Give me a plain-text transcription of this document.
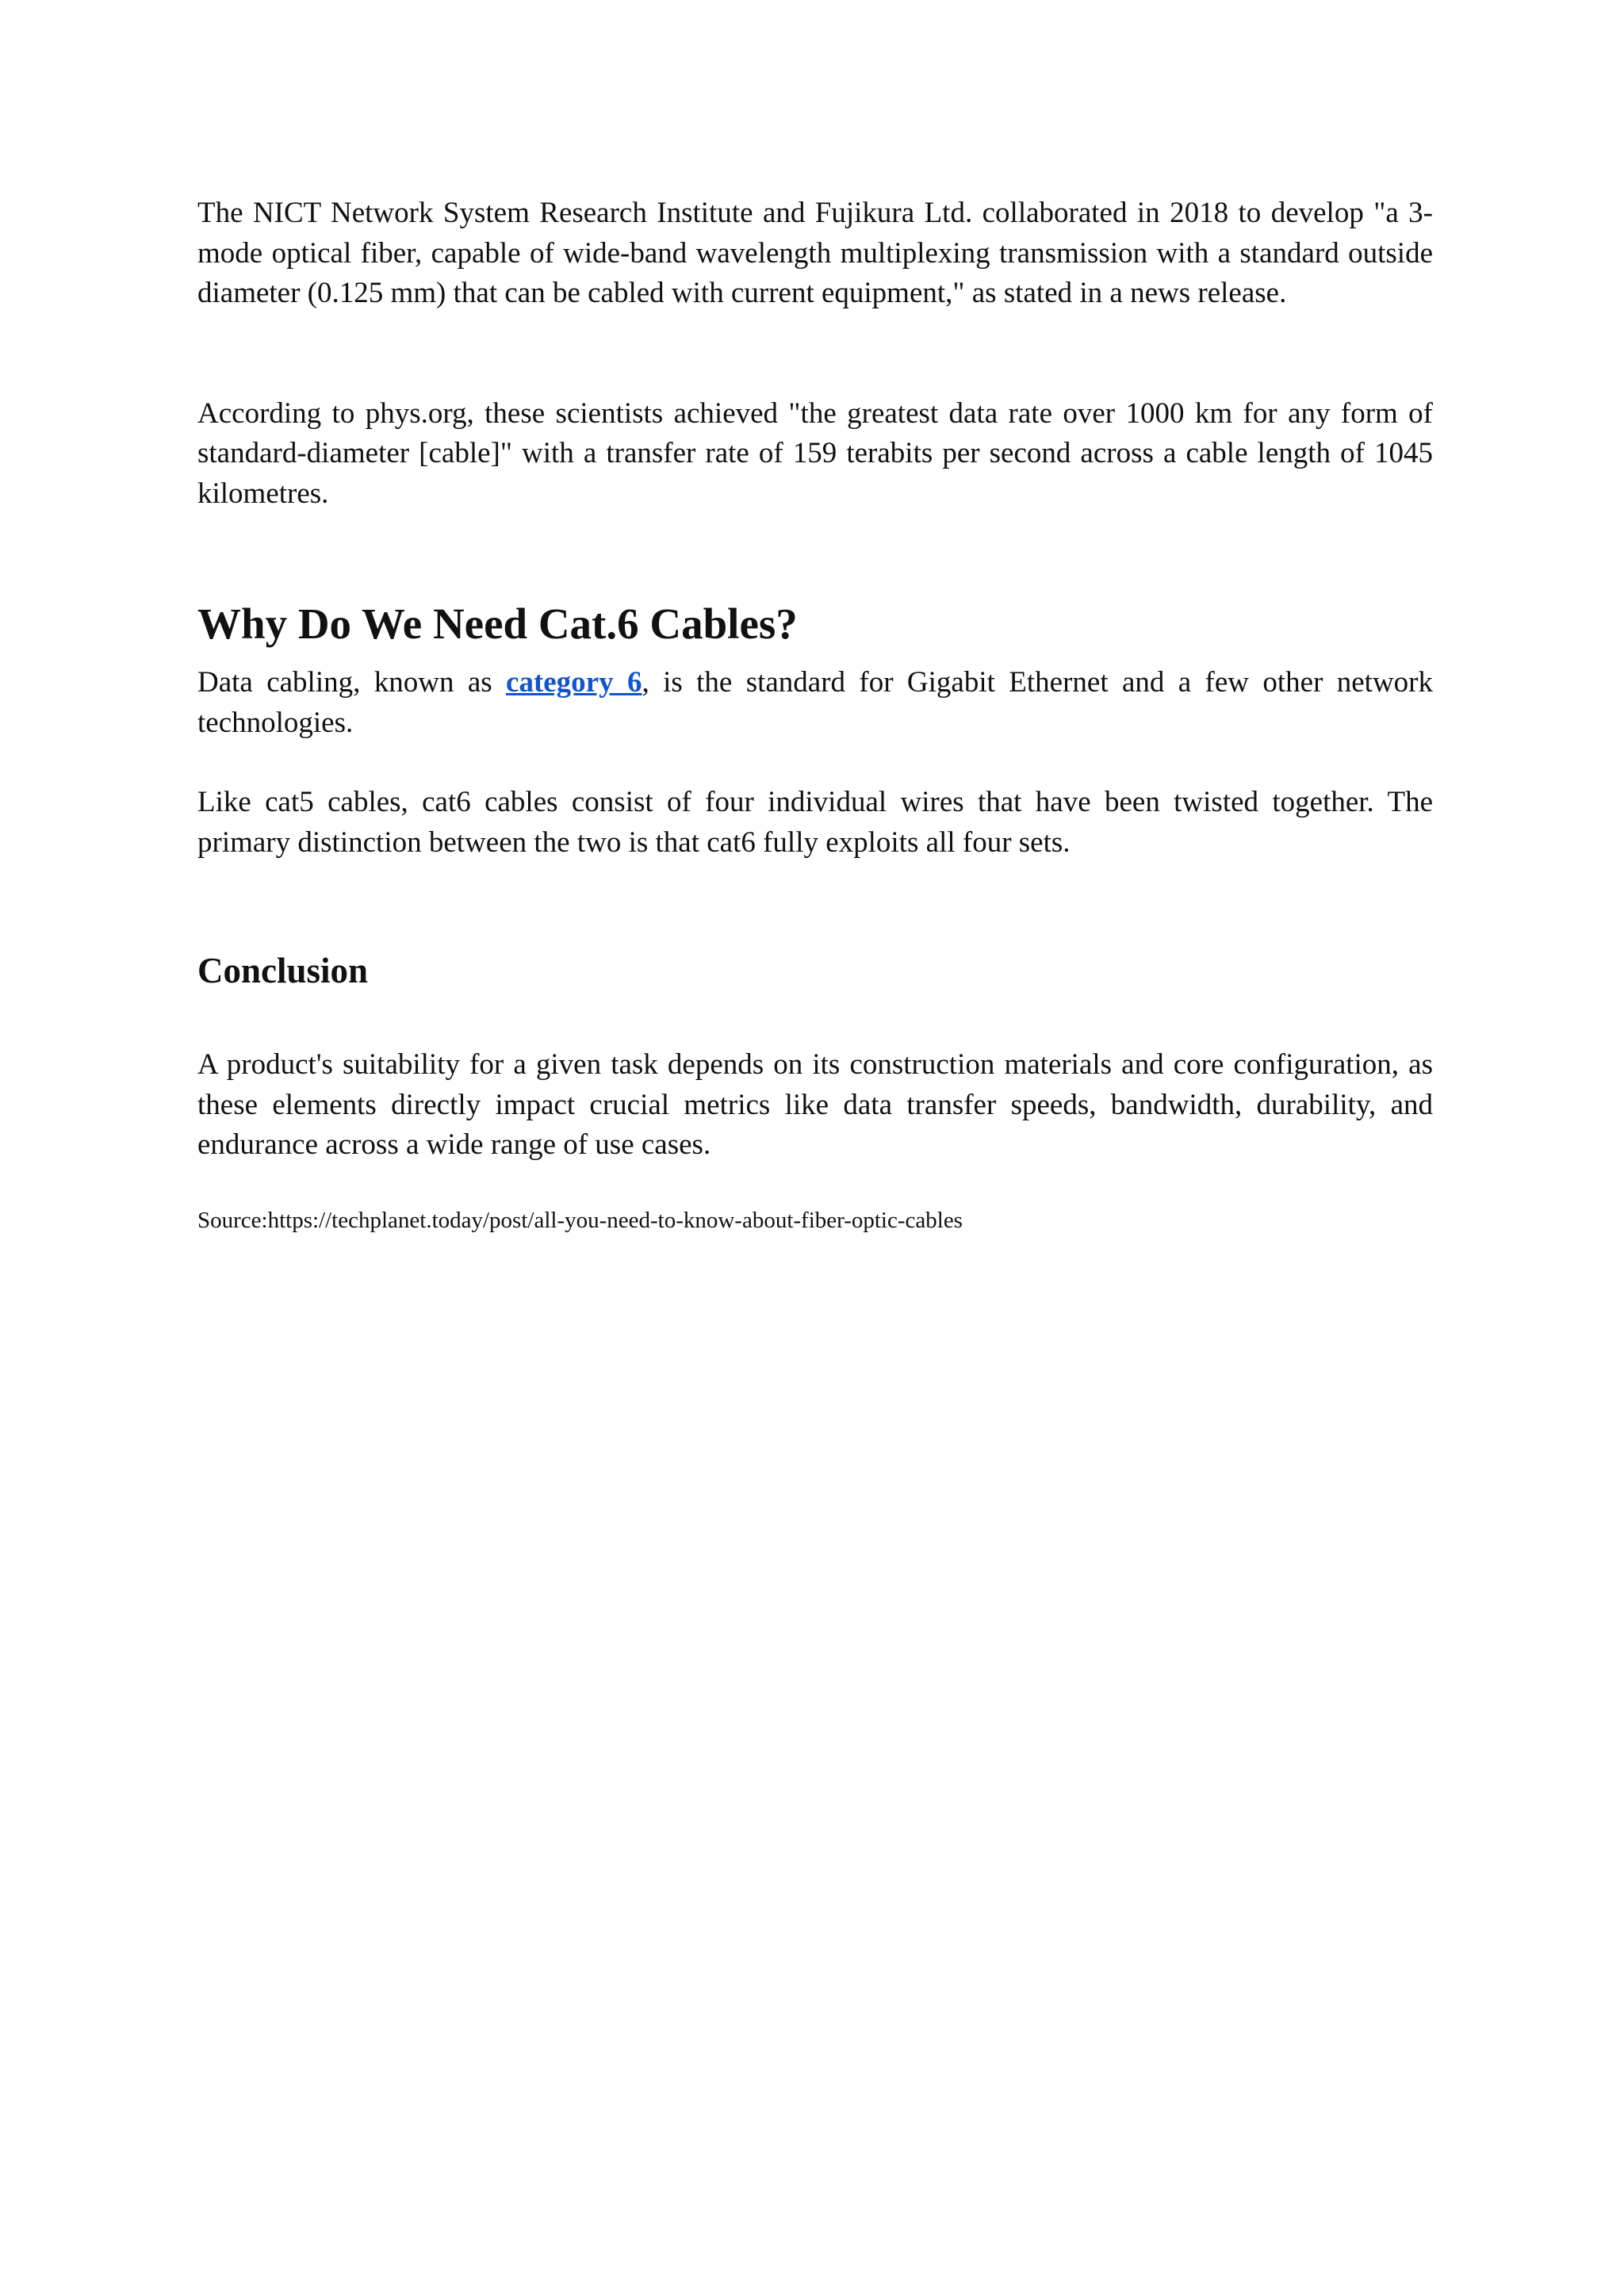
The NICT Network System Research Institute and Fujikura Ltd. collaborated in 2018 to develop "a 3-mode optical fiber, capable of wide-band wavelength multiplexing transmission with a standard outside diameter (0.125 mm) that can be cabled with current equipment," as stated in a news release.

According to phys.org, these scientists achieved "the greatest data rate over 1000 km for any form of standard-diameter [cable]" with a transfer rate of 159 terabits per second across a cable length of 1045 kilometres.

Why Do We Need Cat.6 Cables?

Data cabling, known as category 6, is the standard for Gigabit Ethernet and a few other network technologies.

Like cat5 cables, cat6 cables consist of four individual wires that have been twisted together. The primary distinction between the two is that cat6 fully exploits all four sets.

Conclusion

A product's suitability for a given task depends on its construction materials and core configuration, as these elements directly impact crucial metrics like data transfer speeds, bandwidth, durability, and endurance across a wide range of use cases.

Source:https://techplanet.today/post/all-you-need-to-know-about-fiber-optic-cables
